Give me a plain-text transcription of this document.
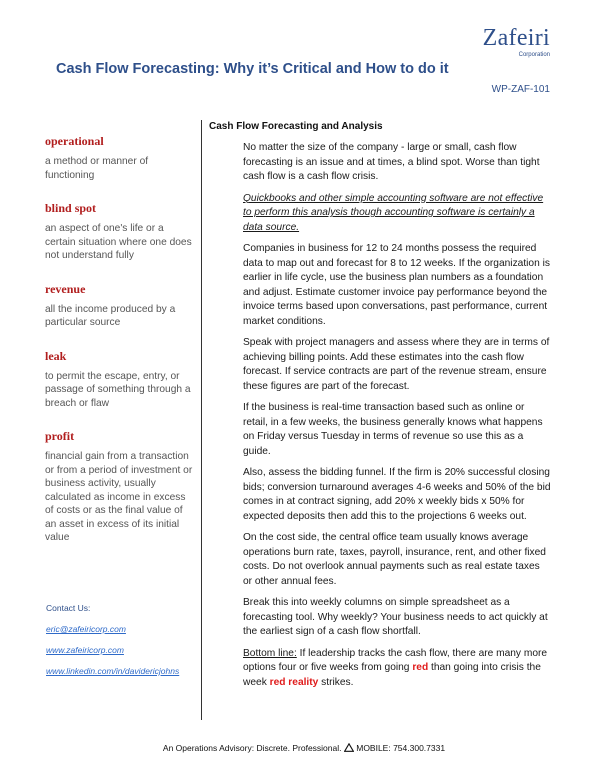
Zafeiri
Corporation
Cash Flow Forecasting: Why it’s Critical and How to do it
WP-ZAF-101
operational
a method or manner of functioning
blind spot
an aspect of one's life or a certain situation where one does not understand fully
revenue
all the income produced by a particular source
leak
to permit the escape, entry, or passage of something through a breach or flaw
profit
financial gain from a transaction or from a period of investment or business activity, usually calculated as income in excess of costs or as the final value of an asset in excess of its initial value
Contact Us:
eric@zafeiricorp.com
www.zafeiricorp.com
www.linkedin.com/in/davidericjohns
Cash Flow Forecasting and Analysis

No matter the size of the company - large or small, cash flow forecasting is an issue and at times, a blind spot. Worse than tight cash flow is a cash flow crisis.

Quickbooks and other simple accounting software are not effective to perform this analysis though accounting software is certainly a data source.

Companies in business for 12 to 24 months possess the required data to map out and forecast for 8 to 12 weeks. If the organization is earlier in life cycle, use the business plan numbers as a foundation and adjust. Estimate customer invoice pay performance beyond the invoice terms based upon conversations, past performance, current market conditions.

Speak with project managers and assess where they are in terms of achieving billing points. Add these estimates into the cash flow forecast. If service contracts are part of the revenue stream, ensure these figures are part of the forecast.

If the business is real-time transaction based such as online or retail, in a few weeks, the business generally knows what happens on Friday versus Tuesday in terms of revenue so use this as a guide.

Also, assess the bidding funnel. If the firm is 20% successful closing bids; conversion turnaround averages 4-6 weeks and 50% of the bid comes in at contract signing, add 20% x weekly bids x 50% for expected deposits then add this to the projections 6 weeks out.

On the cost side, the central office team usually knows average operations burn rate, taxes, payroll, insurance, rent, and other fixed costs. Do not overlook annual payments such as real estate taxes or other annual fees.

Break this into weekly columns on simple spreadsheet as a forecasting tool. Why weekly? Your business needs to act quickly at the earliest sign of a cash flow shortfall.

Bottom line: If leadership tracks the cash flow, there are many more options four or five weeks from going red than going into crisis the week red reality strikes.

An Operations Advisory: Discrete. Professional.  MOBILE: 754.300.7331
